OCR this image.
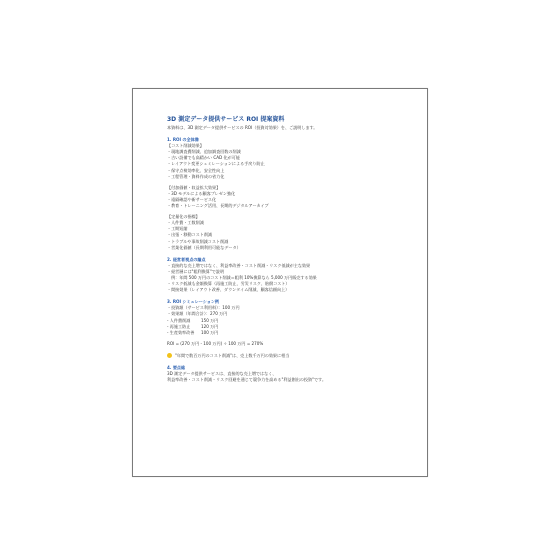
3D 測定データ提供サービス ROI 提案資料
本資料は、3D 測定データ提供サービスの ROI（投資対効果）を、ご説明します。
1. ROI の全体像
【コスト削減効果】
・現地調査費削減、追加調査回数の削減
・古い設備でも高精かい CAD 化が可能
・レイアウト変更シュミレーションによる手戻り防止
・保守点検効率化、安全性向上
・工程管理・資料作成の省力化
【付加価値・収益拡大効果】
・3D モデルによる顧客プレゼン強化
・遠隔確認や新サービス化
・教育・トレーニング活用、長期的デジタルアーカイブ
【定量化の指標】
・人件費・工数削減
・工期短縮
・出張・移動コスト削減
・トラブルや事故削減コスト削減
・営業化価値（長期利用可能なデータ）
2. 経営者視点の論点
・直接的な売上増ではなく、利益率改善・コスト削減・リスク低減が主な効果
・経営層には"粗利換算"で説明
　例：年間 500 万円のコスト削減＝粗利 10%換算なら 5,000 万円販売する効果
・リスク低減も金額換算（再施工防止、労災リスク、賠償コスト）
・間接効果（レイアウト改善、ダウンタイム削減、顧客信頼向上）
3. ROI シミュレーション例
・投資額（サービス利用料）：100 万円
・効果額（年間合計）：270 万円
- 人件費削減	150 万円
- 再施工防止	120 万円
- 生産効率改善	100 万円
ROI = (270 万円 - 100 万円) ÷ 100 万円 = 270%
"年間で数百万円のコスト削減"は、売上数千万円の効果に相当
4. 要点総
3D 測定データ提供サービスは、直接的な売上増ではなく、
利益率改善・コスト削減・リスク回避を通じて競争力を高める"利益創出の投資"です。
